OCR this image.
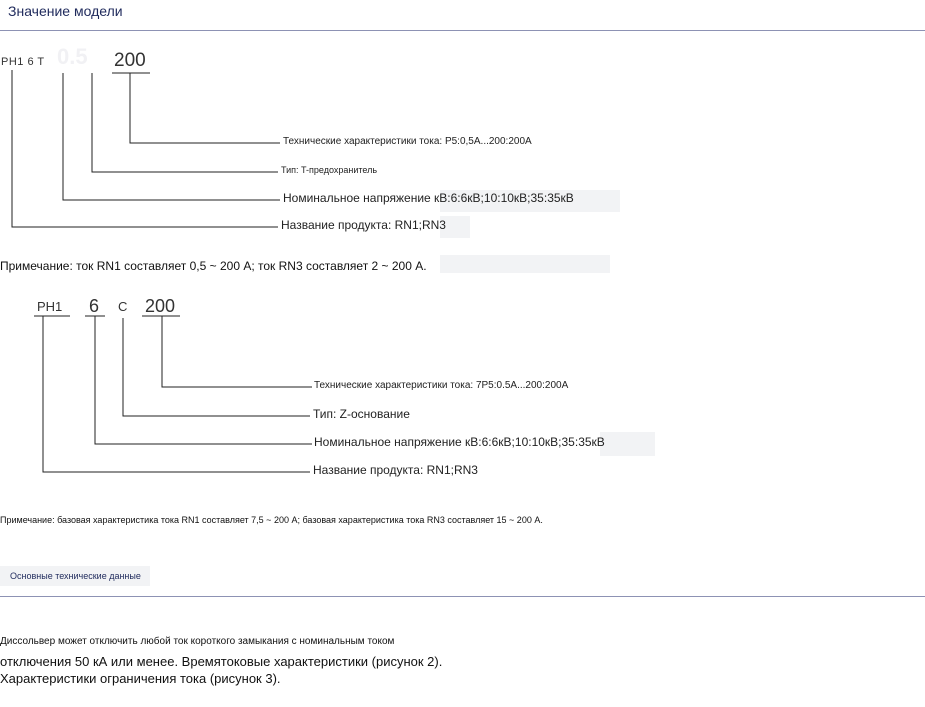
Значение модели
PH1 6 T 0.5 200
Технические характеристики тока: P5:0,5A...200:200A
Тип: T-предохранитель
Номинальное напряжение кВ:6:6кВ;10:10кВ;35:35кВ
Название продукта: RN1;RN3
Примечание: ток RN1 составляет 0,5 ~ 200 А; ток RN3 составляет 2 ~ 200 А.
PH1 6 C 200
Технические характеристики тока: 7P5:0.5A...200:200A
Тип: Z-основание
Номинальное напряжение кВ:6:6кВ;10:10кВ;35:35кВ
Название продукта: RN1;RN3
Примечание: базовая характеристика тока RN1 составляет 7,5 ~ 200 А; базовая характеристика тока RN3 составляет 15 ~ 200 А.
Основные технические данные
Диссольвер может отключить любой ток короткого замыкания с номинальным током
отключения 50 кА или менее. Времятоковые характеристики (рисунок 2).
Характеристики ограничения тока (рисунок 3).
